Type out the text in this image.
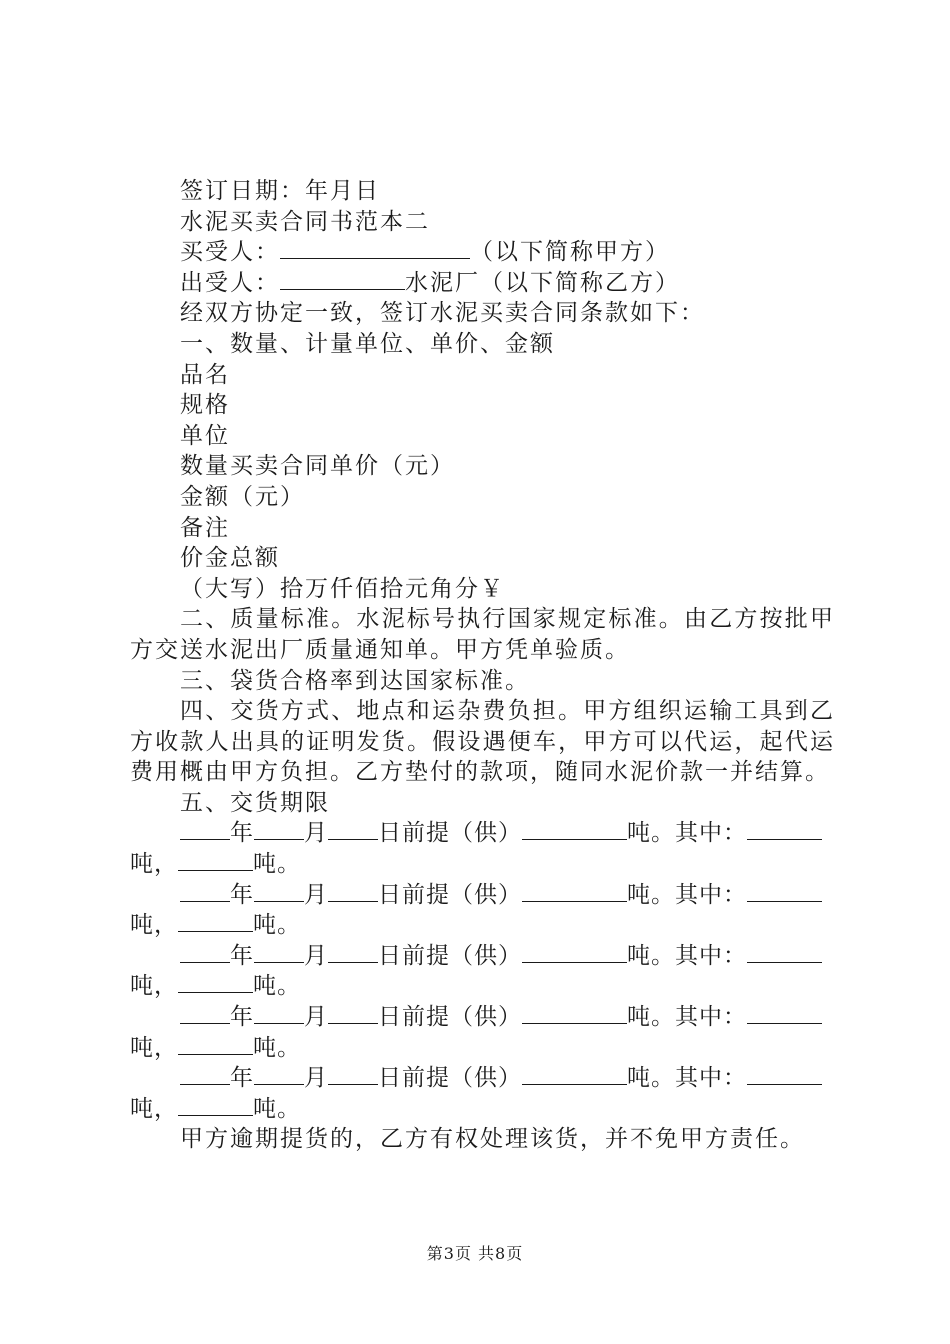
签订日期：年月日
水泥买卖合同书范本二
买受人：	（以下简称甲方）
出受人：	水泥厂（以下简称乙方）
经双方协定一致，签订水泥买卖合同条款如下：
一、数量、计量单位、单价、金额
品名
规格
单位
数量买卖合同单价（元）
金额（元）
备注
价金总额
（大写）拾万仟佰拾元角分￥
二、质量标准。水泥标号执行国家规定标准。由乙方按批甲方交送水泥出厂质量通知单。甲方凭单验质。
三、袋货合格率到达国家标准。
四、交货方式、地点和运杂费负担。甲方组织运输工具到乙方收款人出具的证明发货。假设遇便车，甲方可以代运，起代运费用概由甲方负担。乙方垫付的款项，随同水泥价款一并结算。
五、交货期限
年 月 日前提（供）	吨。其中：
吨，	吨。
年 月 日前提（供）	吨。其中：
吨，	吨。
年 月 日前提（供）	吨。其中：
吨，	吨。
年 月 日前提（供）	吨。其中：
吨，	吨。
年 月 日前提（供）	吨。其中：
吨，	吨。
甲方逾期提货的，乙方有权处理该货，并不免甲方责任。
第3页 共8页
